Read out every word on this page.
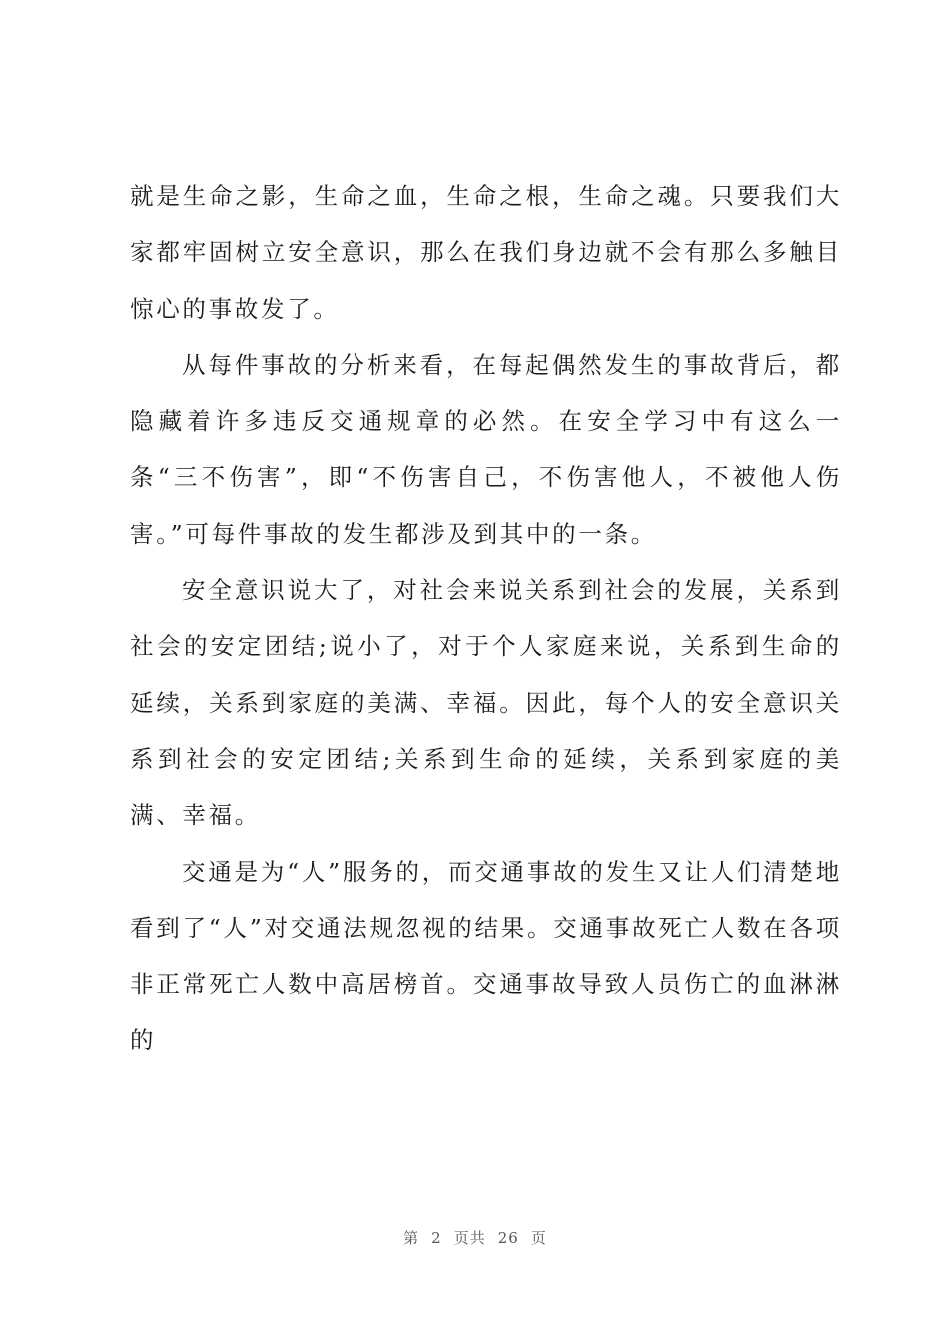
就是生命之影，生命之血，生命之根，生命之魂。只要我们大家都牢固树立安全意识，那么在我们身边就不会有那么多触目惊心的事故发了。

从每件事故的分析来看，在每起偶然发生的事故背后，都隐藏着许多违反交通规章的必然。在安全学习中有这么一条“三不伤害”，即“不伤害自己，不伤害他人，不被他人伤害。”可每件事故的发生都涉及到其中的一条。

安全意识说大了，对社会来说关系到社会的发展，关系到社会的安定团结;说小了，对于个人家庭来说，关系到生命的延续，关系到家庭的美满、幸福。因此，每个人的安全意识关系到社会的安定团结;关系到生命的延续，关系到家庭的美满、幸福。

交通是为“人”服务的，而交通事故的发生又让人们清楚地看到了“人”对交通法规忽视的结果。交通事故死亡人数在各项非正常死亡人数中高居榜首。交通事故导致人员伤亡的血淋淋的

第 2 页共 26 页
